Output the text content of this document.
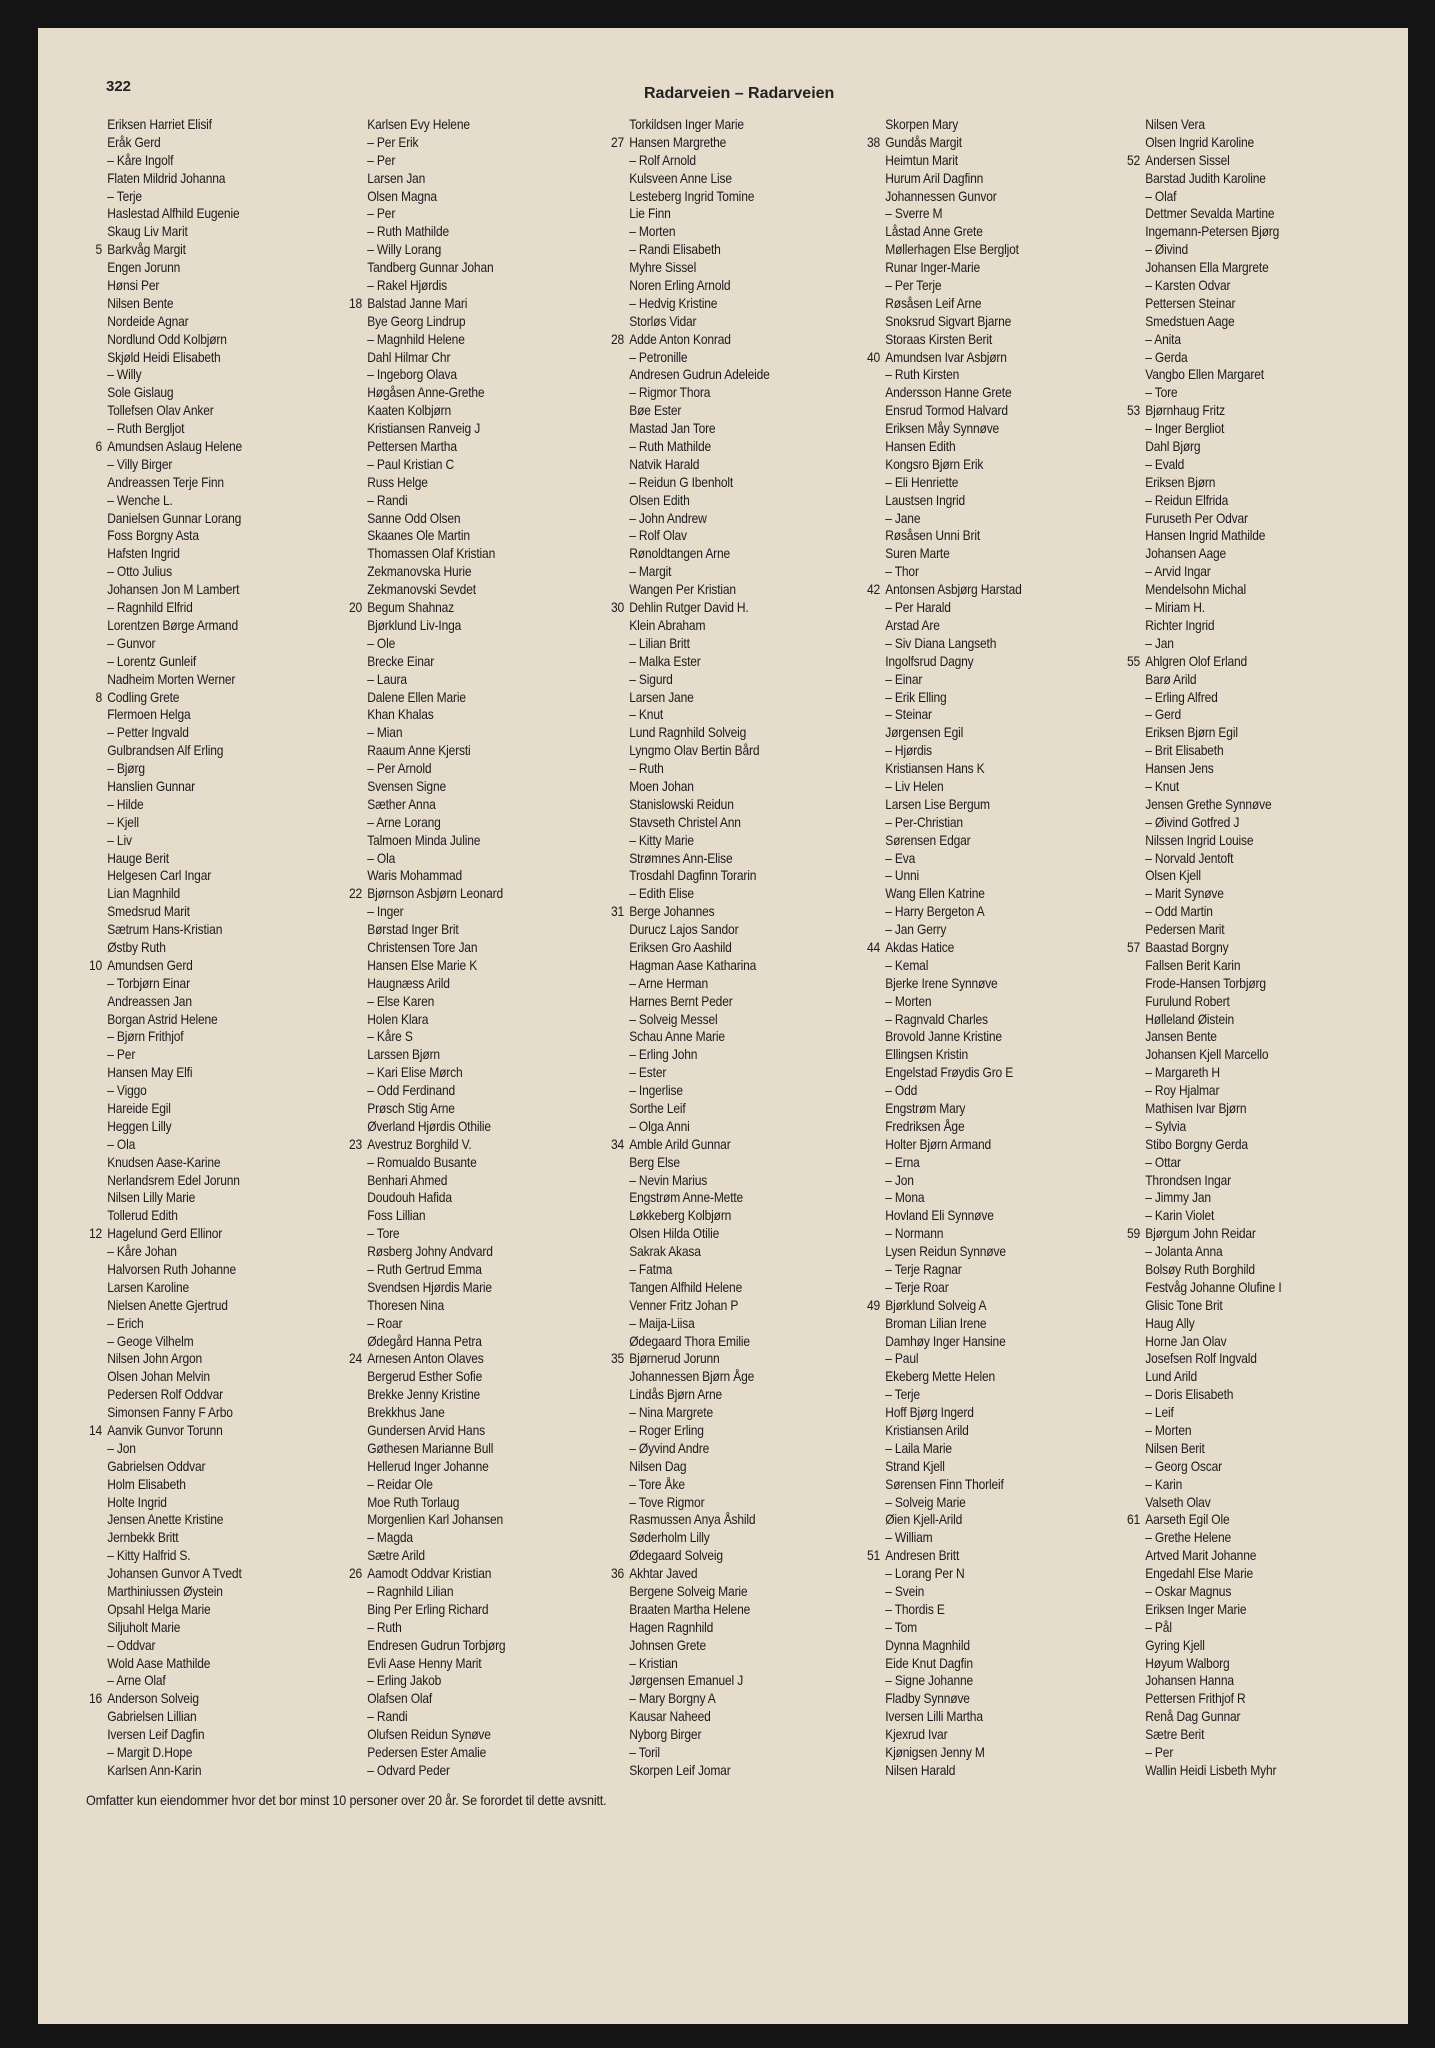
322	Radarveien – Radarveien
Eriksen Harriet Elisif
Eråk Gerd
– Kåre Ingolf
Flaten Mildrid Johanna
– Terje
Haslestad Alfhild Eugenie
Skaug Liv Marit
5 Barkvåg Margit
Engen Jorunn
Hønsi Per
Nilsen Bente
Nordeide Agnar
Nordlund Odd Kolbjørn
Skjøld Heidi Elisabeth
– Willy
Sole Gislaug
Tollefsen Olav Anker
– Ruth Bergljot
6 Amundsen Aslaug Helene
– Villy Birger
Andreassen Terje Finn
– Wenche L.
Danielsen Gunnar Lorang
Foss Borgny Asta
Hafsten Ingrid
– Otto Julius
Johansen Jon M Lambert
– Ragnhild Elfrid
Lorentzen Børge Armand
– Gunvor
– Lorentz Gunleif
Nadheim Morten Werner
8 Codling Grete
Flermoen Helga
– Petter Ingvald
Gulbrandsen Alf Erling
– Bjørg
Hanslien Gunnar
– Hilde
– Kjell
– Liv
Hauge Berit
Helgesen Carl Ingar
Lian Magnhild
Smedsrud Marit
Sætrum Hans-Kristian
Østby Ruth
10 Amundsen Gerd
– Torbjørn Einar
Andreassen Jan
Borgan Astrid Helene
– Bjørn Frithjof
– Per
Hansen May Elfi
– Viggo
Hareide Egil
Heggen Lilly
– Ola
Knudsen Aase-Karine
Nerlandsrem Edel Jorunn
Nilsen Lilly Marie
Tollerud Edith
12 Hagelund Gerd Ellinor
– Kåre Johan
Halvorsen Ruth Johanne
Larsen Karoline
Nielsen Anette Gjertrud
– Erich
– Geoge Vilhelm
Nilsen John Argon
Olsen Johan Melvin
Pedersen Rolf Oddvar
Simonsen Fanny F Arbo
14 Aanvik Gunvor Torunn
– Jon
Gabrielsen Oddvar
Holm Elisabeth
Holte Ingrid
Jensen Anette Kristine
Jernbekk Britt
– Kitty Halfrid S.
Johansen Gunvor A Tvedt
Marthiniussen Øystein
Opsahl Helga Marie
Siljuholt Marie
– Oddvar
Wold Aase Mathilde
– Arne Olaf
16 Anderson Solveig
Gabrielsen Lillian
Iversen Leif Dagfin
– Margit D.Hope
Karlsen Ann-Karin
Karlsen Evy Helene
– Per Erik
– Per
Larsen Jan
Olsen Magna
– Per
– Ruth Mathilde
– Willy Lorang
Tandberg Gunnar Johan
– Rakel Hjørdis
18 Balstad Janne Mari
Bye Georg Lindrup
– Magnhild Helene
Dahl Hilmar Chr
– Ingeborg Olava
Høgåsen Anne-Grethe
Kaaten Kolbjørn
Kristiansen Ranveig J
Pettersen Martha
– Paul Kristian C
Russ Helge
– Randi
Sanne Odd Olsen
Skaanes Ole Martin
Thomassen Olaf Kristian
Zekmanovska Hurie
Zekmanovski Sevdet
20 Begum Shahnaz
Bjørklund Liv-Inga
– Ole
Brecke Einar
– Laura
Dalene Ellen Marie
Khan Khalas
– Mian
Raaum Anne Kjersti
– Per Arnold
Svensen Signe
Sæther Anna
– Arne Lorang
Talmoen Minda Juline
– Ola
Waris Mohammad
22 Bjørnson Asbjørn Leonard
– Inger
Børstad Inger Brit
Christensen Tore Jan
Hansen Else Marie K
Haugnæss Arild
– Else Karen
Holen Klara
– Kåre S
Larssen Bjørn
– Kari Elise Mørch
– Odd Ferdinand
Prøsch Stig Arne
Øverland Hjørdis Othilie
23 Avestruz Borghild V.
– Romualdo Busante
Benhari Ahmed
Doudouh Hafida
Foss Lillian
– Tore
Røsberg Johny Andvard
– Ruth Gertrud Emma
Svendsen Hjørdis Marie
Thoresen Nina
– Roar
Ødegård Hanna Petra
24 Arnesen Anton Olaves
Bergerud Esther Sofie
Brekke Jenny Kristine
Brekkhus Jane
Gundersen Arvid Hans
Gøthesen Marianne Bull
Hellerud Inger Johanne
– Reidar Ole
Moe Ruth Torlaug
Morgenlien Karl Johansen
– Magda
Sætre Arild
26 Aamodt Oddvar Kristian
– Ragnhild Lilian
Bing Per Erling Richard
– Ruth
Endresen Gudrun Torbjørg
Evli Aase Henny Marit
– Erling Jakob
Olafsen Olaf
– Randi
Olufsen Reidun Synøve
Pedersen Ester Amalie
– Odvard Peder
Torkildsen Inger Marie
27 Hansen Margrethe
– Rolf Arnold
Kulsveen Anne Lise
Lesteberg Ingrid Tomine
Lie Finn
– Morten
– Randi Elisabeth
Myhre Sissel
Noren Erling Arnold
– Hedvig Kristine
Storløs Vidar
28 Adde Anton Konrad
– Petronille
Andresen Gudrun Adeleide
– Rigmor Thora
Bøe Ester
Mastad Jan Tore
– Ruth Mathilde
Natvik Harald
– Reidun G Ibenholt
Olsen Edith
– John Andrew
– Rolf Olav
Rønoldtangen Arne
– Margit
Wangen Per Kristian
30 Dehlin Rutger David H.
Klein Abraham
– Lilian Britt
– Malka Ester
– Sigurd
Larsen Jane
– Knut
Lund Ragnhild Solveig
Lyngmo Olav Bertin Bård
– Ruth
Moen Johan
Stanislowski Reidun
Stavseth Christel Ann
– Kitty Marie
Strømnes Ann-Elise
Trosdahl Dagfinn Torarin
– Edith Elise
31 Berge Johannes
Durucz Lajos Sandor
Eriksen Gro Aashild
Hagman Aase Katharina
– Arne Herman
Harnes Bernt Peder
– Solveig Messel
Schau Anne Marie
– Erling John
– Ester
– Ingerlise
Sorthe Leif
– Olga Anni
34 Amble Arild Gunnar
Berg Else
– Nevin Marius
Engstrøm Anne-Mette
Løkkeberg Kolbjørn
Olsen Hilda Otilie
Sakrak Akasa
– Fatma
Tangen Alfhild Helene
Venner Fritz Johan P
– Maija-Liisa
Ødegaard Thora Emilie
35 Bjørnerud Jorunn
Johannessen Bjørn Åge
Lindås Bjørn Arne
– Nina Margrete
– Roger Erling
– Øyvind Andre
Nilsen Dag
– Tore Åke
– Tove Rigmor
Rasmussen Anya Åshild
Søderholm Lilly
Ødegaard Solveig
36 Akhtar Javed
Bergene Solveig Marie
Braaten Martha Helene
Hagen Ragnhild
Johnsen Grete
– Kristian
Jørgensen Emanuel J
– Mary Borgny A
Kausar Naheed
Nyborg Birger
– Toril
Skorpen Leif Jomar
Skorpen Mary
38 Gundås Margit
Heimtun Marit
Hurum Aril Dagfinn
Johannessen Gunvor
– Sverre M
Låstad Anne Grete
Møllerhagen Else Bergljot
Runar Inger-Marie
– Per Terje
Røsåsen Leif Arne
Snoksrud Sigvart Bjarne
Storaas Kirsten Berit
40 Amundsen Ivar Asbjørn
– Ruth Kirsten
Andersson Hanne Grete
Ensrud Tormod Halvard
Eriksen Måy Synnøve
Hansen Edith
Kongsro Bjørn Erik
– Eli Henriette
Laustsen Ingrid
– Jane
Røsåsen Unni Brit
Suren Marte
– Thor
42 Antonsen Asbjørg Harstad
– Per Harald
Arstad Are
– Siv Diana Langseth
Ingolfsrud Dagny
– Einar
– Erik Elling
– Steinar
Jørgensen Egil
– Hjørdis
Kristiansen Hans K
– Liv Helen
Larsen Lise Bergum
– Per-Christian
Sørensen Edgar
– Eva
– Unni
Wang Ellen Katrine
– Harry Bergeton A
– Jan Gerry
44 Akdas Hatice
– Kemal
Bjerke Irene Synnøve
– Morten
– Ragnvald Charles
Brovold Janne Kristine
Ellingsen Kristin
Engelstad Frøydis Gro E
– Odd
Engstrøm Mary
Fredriksen Åge
Holter Bjørn Armand
– Erna
– Jon
– Mona
Hovland Eli Synnøve
– Normann
Lysen Reidun Synnøve
– Terje Ragnar
– Terje Roar
49 Bjørklund Solveig A
Broman Lilian Irene
Damhøy Inger Hansine
– Paul
Ekeberg Mette Helen
– Terje
Hoff Bjørg Ingerd
Kristiansen Arild
– Laila Marie
Strand Kjell
Sørensen Finn Thorleif
– Solveig Marie
Øien Kjell-Arild
– William
51 Andresen Britt
– Lorang Per N
– Svein
– Thordis E
– Tom
Dynna Magnhild
Eide Knut Dagfin
– Signe Johanne
Fladby Synnøve
Iversen Lilli Martha
Kjexrud Ivar
Kjønigsen Jenny M
Nilsen Harald
Nilsen Vera
Olsen Ingrid Karoline
52 Andersen Sissel
Barstad Judith Karoline
– Olaf
Dettmer Sevalda Martine
Ingemann-Petersen Bjørg
– Øivind
Johansen Ella Margrete
– Karsten Odvar
Pettersen Steinar
Smedstuen Aage
– Anita
– Gerda
Vangbo Ellen Margaret
– Tore
53 Bjørnhaug Fritz
– Inger Bergliot
Dahl Bjørg
– Evald
Eriksen Bjørn
– Reidun Elfrida
Furuseth Per Odvar
Hansen Ingrid Mathilde
Johansen Aage
– Arvid Ingar
Mendelsohn Michal
– Miriam H.
Richter Ingrid
– Jan
55 Ahlgren Olof Erland
Barø Arild
– Erling Alfred
– Gerd
Eriksen Bjørn Egil
– Brit Elisabeth
Hansen Jens
– Knut
Jensen Grethe Synnøve
– Øivind Gotfred J
Nilssen Ingrid Louise
– Norvald Jentoft
Olsen Kjell
– Marit Synøve
– Odd Martin
Pedersen Marit
57 Baastad Borgny
Fallsen Berit Karin
Frode-Hansen Torbjørg
Furulund Robert
Hølleland Øistein
Jansen Bente
Johansen Kjell Marcello
– Margareth H
– Roy Hjalmar
Mathisen Ivar Bjørn
– Sylvia
Stibo Borgny Gerda
– Ottar
Throndsen Ingar
– Jimmy Jan
– Karin Violet
59 Bjørgum John Reidar
– Jolanta Anna
Bolsøy Ruth Borghild
Festvåg Johanne Olufine I
Glisic Tone Brit
Haug Ally
Horne Jan Olav
Josefsen Rolf Ingvald
Lund Arild
– Doris Elisabeth
– Leif
– Morten
Nilsen Berit
– Georg Oscar
– Karin
Valseth Olav
61 Aarseth Egil Ole
– Grethe Helene
Artved Marit Johanne
Engedahl Else Marie
– Oskar Magnus
Eriksen Inger Marie
– Pål
Gyring Kjell
Høyum Walborg
Johansen Hanna
Pettersen Frithjof R
Renå Dag Gunnar
Sætre Berit
– Per
Wallin Heidi Lisbeth Myhr
Omfatter kun eiendommer hvor det bor minst 10 personer over 20 år. Se forordet til dette avsnitt.
